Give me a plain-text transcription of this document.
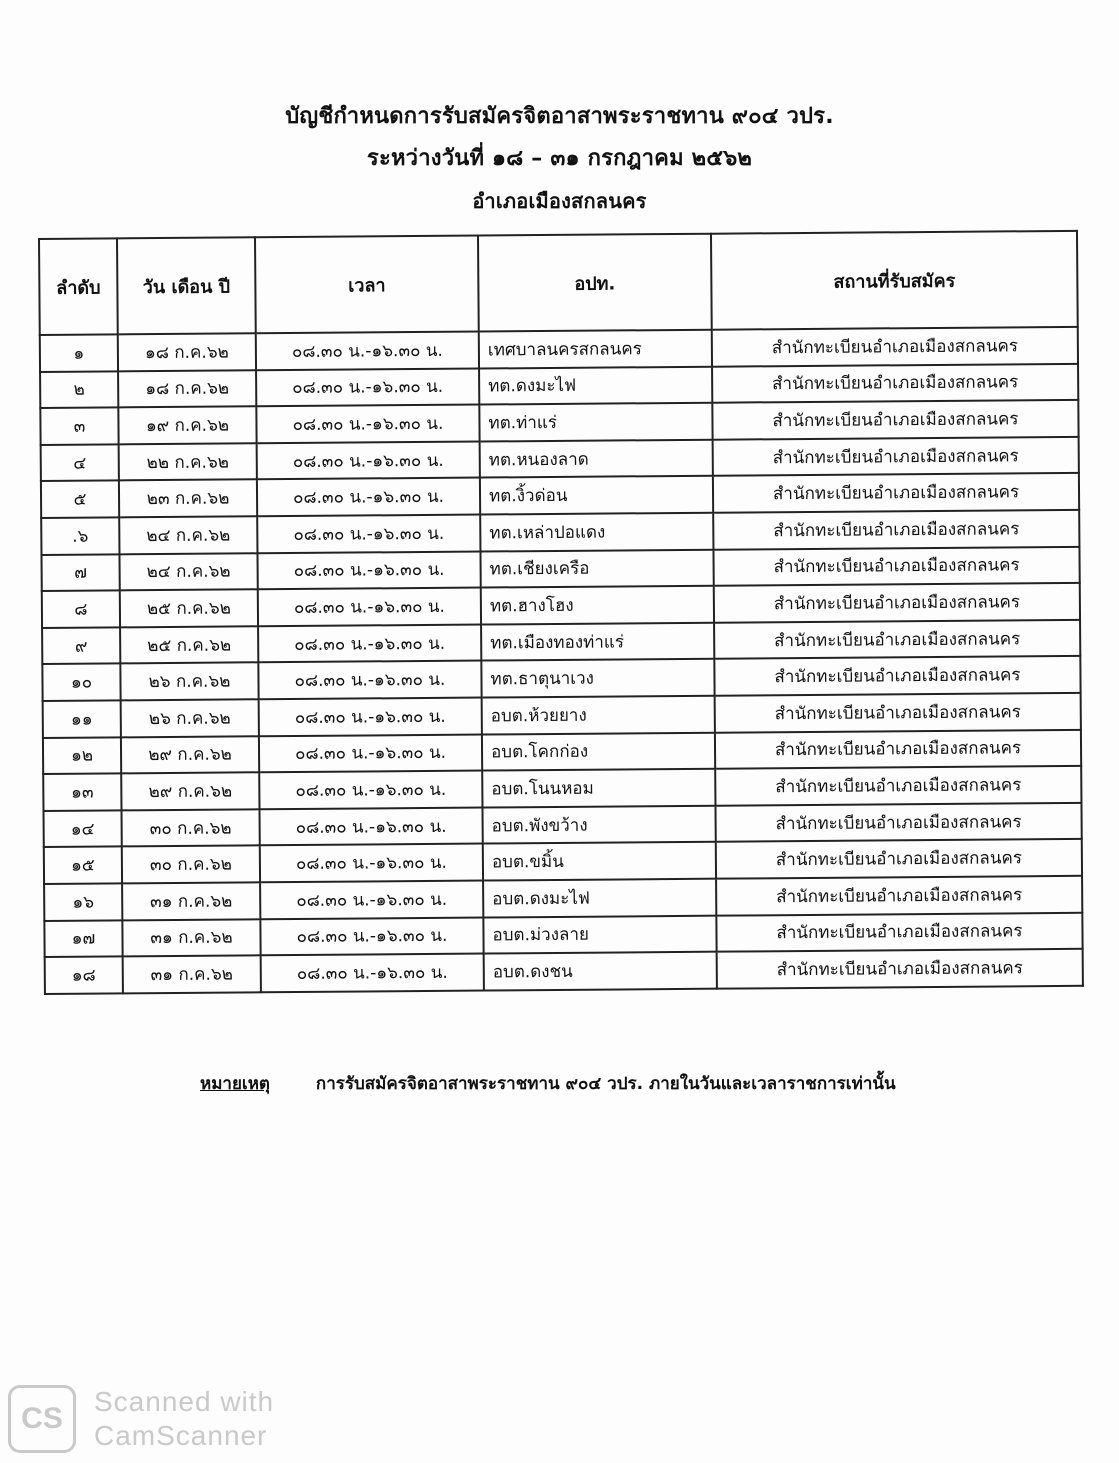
บัญชีกำหนดการรับสมัครจิตอาสาพระราชทาน ๙๐๔ วปร.
ระหว่างวันที่ ๑๘ – ๓๑ กรกฎาคม ๒๕๖๒
อำเภอเมืองสกลนคร
ลำดับ	วัน เดือน ปี	เวลา	อปท.	สถานที่รับสมัคร
๑	๑๘ ก.ค.๖๒	๐๘.๓๐ น.-๑๖.๓๐ น.	เทศบาลนครสกลนคร	สำนักทะเบียนอำเภอเมืองสกลนคร
๒	๑๘ ก.ค.๖๒	๐๘.๓๐ น.-๑๖.๓๐ น.	ทต.ดงมะไฟ	สำนักทะเบียนอำเภอเมืองสกลนคร
๓	๑๙ ก.ค.๖๒	๐๘.๓๐ น.-๑๖.๓๐ น.	ทต.ท่าแร่	สำนักทะเบียนอำเภอเมืองสกลนคร
๔	๒๒ ก.ค.๖๒	๐๘.๓๐ น.-๑๖.๓๐ น.	ทต.หนองลาด	สำนักทะเบียนอำเภอเมืองสกลนคร
๕	๒๓ ก.ค.๖๒	๐๘.๓๐ น.-๑๖.๓๐ น.	ทต.งิ้วด่อน	สำนักทะเบียนอำเภอเมืองสกลนคร
.๖	๒๔ ก.ค.๖๒	๐๘.๓๐ น.-๑๖.๓๐ น.	ทต.เหล่าปอแดง	สำนักทะเบียนอำเภอเมืองสกลนคร
๗	๒๔ ก.ค.๖๒	๐๘.๓๐ น.-๑๖.๓๐ น.	ทต.เชียงเครือ	สำนักทะเบียนอำเภอเมืองสกลนคร
๘	๒๕ ก.ค.๖๒	๐๘.๓๐ น.-๑๖.๓๐ น.	ทต.ฮางโฮง	สำนักทะเบียนอำเภอเมืองสกลนคร
๙	๒๕ ก.ค.๖๒	๐๘.๓๐ น.-๑๖.๓๐ น.	ทต.เมืองทองท่าแร่	สำนักทะเบียนอำเภอเมืองสกลนคร
๑๐	๒๖ ก.ค.๖๒	๐๘.๓๐ น.-๑๖.๓๐ น.	ทต.ธาตุนาเวง	สำนักทะเบียนอำเภอเมืองสกลนคร
๑๑	๒๖ ก.ค.๖๒	๐๘.๓๐ น.-๑๖.๓๐ น.	อบต.ห้วยยาง	สำนักทะเบียนอำเภอเมืองสกลนคร
๑๒	๒๙ ก.ค.๖๒	๐๘.๓๐ น.-๑๖.๓๐ น.	อบต.โคกก่อง	สำนักทะเบียนอำเภอเมืองสกลนคร
๑๓	๒๙ ก.ค.๖๒	๐๘.๓๐ น.-๑๖.๓๐ น.	อบต.โนนหอม	สำนักทะเบียนอำเภอเมืองสกลนคร
๑๔	๓๐ ก.ค.๖๒	๐๘.๓๐ น.-๑๖.๓๐ น.	อบต.พังขว้าง	สำนักทะเบียนอำเภอเมืองสกลนคร
๑๕	๓๐ ก.ค.๖๒	๐๘.๓๐ น.-๑๖.๓๐ น.	อบต.ขมิ้น	สำนักทะเบียนอำเภอเมืองสกลนคร
๑๖	๓๑ ก.ค.๖๒	๐๘.๓๐ น.-๑๖.๓๐ น.	อบต.ดงมะไฟ	สำนักทะเบียนอำเภอเมืองสกลนคร
๑๗	๓๑ ก.ค.๖๒	๐๘.๓๐ น.-๑๖.๓๐ น.	อบต.ม่วงลาย	สำนักทะเบียนอำเภอเมืองสกลนคร
๑๘	๓๑ ก.ค.๖๒	๐๘.๓๐ น.-๑๖.๓๐ น.	อบต.ดงชน	สำนักทะเบียนอำเภอเมืองสกลนคร
หมายเหตุ	การรับสมัครจิตอาสาพระราชทาน ๙๐๔ วปร. ภายในวันและเวลาราชการเท่านั้น
CS
Scanned with
CamScanner
